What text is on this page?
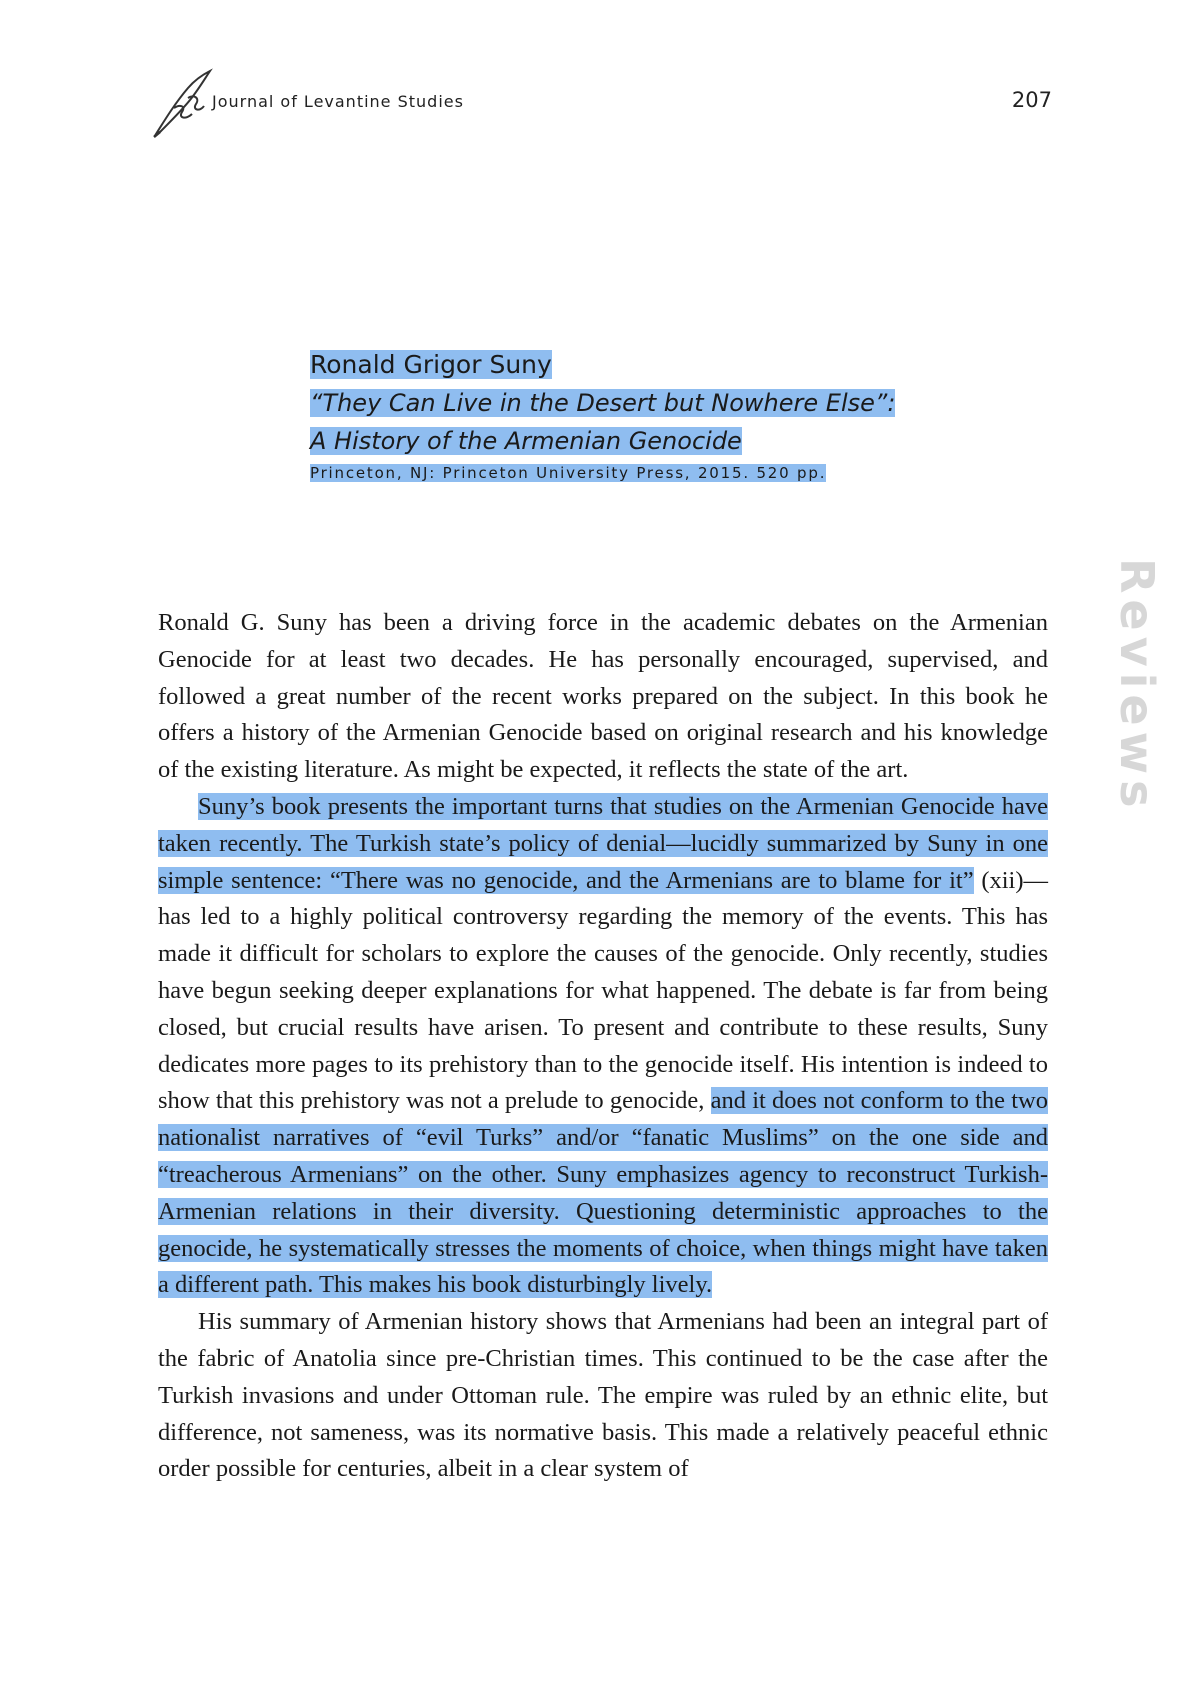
Journal of Levantine Studies	207
Reviews

Ronald Grigor Suny

“They Can Live in the Desert but Nowhere Else”:

A History of the Armenian Genocide

Princeton, NJ: Princeton University Press, 2015. 520 pp.

Ronald G. Suny has been a driving force in the academic debates on the Armenian Genocide for at least two decades. He has personally encouraged, supervised, and followed a great number of the recent works prepared on the subject. In this book he offers a history of the Armenian Genocide based on original research and his knowledge of the existing literature. As might be expected, it reflects the state of the art.

Suny’s book presents the important turns that studies on the Armenian Genocide have taken recently. The Turkish state’s policy of denial—lucidly summarized by Suny in one simple sentence: “There was no genocide, and the Armenians are to blame for it” (xii)—has led to a highly political controversy regarding the memory of the events. This has made it difficult for scholars to explore the causes of the genocide. Only recently, studies have begun seeking deeper explanations for what happened. The debate is far from being closed, but crucial results have arisen. To present and contribute to these results, Suny dedicates more pages to its prehistory than to the genocide itself. His intention is indeed to show that this prehistory was not a prelude to genocide, and it does not conform to the two nationalist narratives of “evil Turks” and/or “fanatic Muslims” on the one side and “treacherous Armenians” on the other. Suny emphasizes agency to reconstruct Turkish-Armenian relations in their diversity. Questioning deterministic approaches to the genocide, he systematically stresses the moments of choice, when things might have taken a different path. This makes his book disturbingly lively.

His summary of Armenian history shows that Armenians had been an integral part of the fabric of Anatolia since pre-Christian times. This continued to be the case after the Turkish invasions and under Ottoman rule. The empire was ruled by an ethnic elite, but difference, not sameness, was its normative basis. This made a relatively peaceful ethnic order possible for centuries, albeit in a clear system of
